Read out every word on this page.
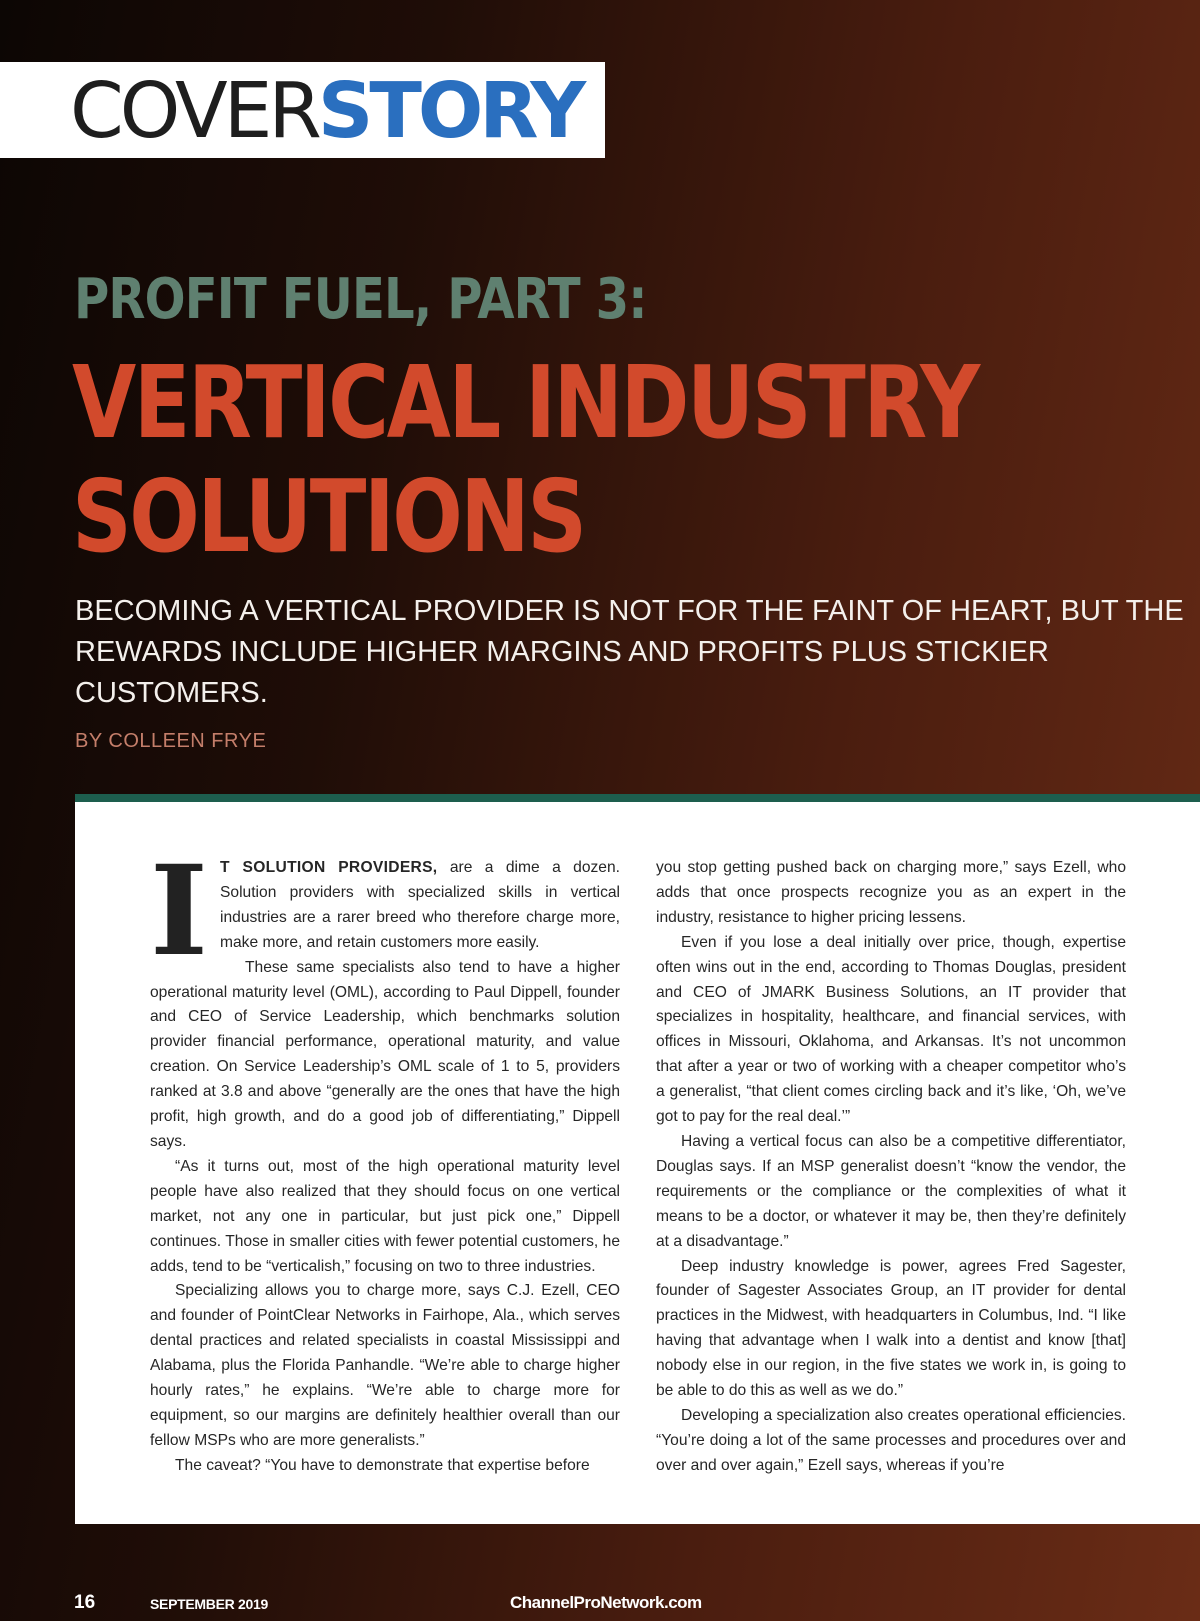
COVERSTORY
PROFIT FUEL, PART 3:
VERTICAL INDUSTRY
SOLUTIONS
BECOMING A VERTICAL PROVIDER IS NOT FOR THE FAINT OF HEART, BUT THE REWARDS INCLUDE HIGHER MARGINS AND PROFITS PLUS STICKIER CUSTOMERS.
BY COLLEEN FRYE

I T SOLUTION PROVIDERS, are a dime a dozen. Solution providers with specialized skills in vertical industries are a rarer breed who therefore charge more, make more, and retain customers more easily.

These same specialists also tend to have a higher operational maturity level (OML), according to Paul Dippell, founder and CEO of Service Leadership, which benchmarks solution provider financial performance, operational maturity, and value creation. On Service Leadership’s OML scale of 1 to 5, providers ranked at 3.8 and above “generally are the ones that have the high profit, high growth, and do a good job of differentiating,” Dippell says.

“As it turns out, most of the high operational maturity level people have also realized that they should focus on one vertical market, not any one in particular, but just pick one,” Dippell continues. Those in smaller cities with fewer potential customers, he adds, tend to be “verticalish,” focusing on two to three industries.

Specializing allows you to charge more, says C.J. Ezell, CEO and founder of PointClear Networks in Fairhope, Ala., which serves dental practices and related specialists in coastal Mississippi and Alabama, plus the Florida Panhandle. “We’re able to charge higher hourly rates,” he explains. “We’re able to charge more for equipment, so our margins are definitely healthier overall than our fellow MSPs who are more generalists.”

The caveat? “You have to demonstrate that expertise before

you stop getting pushed back on charging more,” says Ezell, who adds that once prospects recognize you as an expert in the industry, resistance to higher pricing lessens.

Even if you lose a deal initially over price, though, expertise often wins out in the end, according to Thomas Douglas, president and CEO of JMARK Business Solutions, an IT provider that specializes in hospitality, healthcare, and financial services, with offices in Missouri, Oklahoma, and Arkansas. It’s not uncommon that after a year or two of working with a cheaper competitor who’s a generalist, “that client comes circling back and it’s like, ‘Oh, we’ve got to pay for the real deal.’”

Having a vertical focus can also be a competitive differentiator, Douglas says. If an MSP generalist doesn’t “know the vendor, the requirements or the compliance or the complexities of what it means to be a doctor, or whatever it may be, then they’re definitely at a disadvantage.”

Deep industry knowledge is power, agrees Fred Sagester, founder of Sagester Associates Group, an IT provider for dental practices in the Midwest, with headquarters in Columbus, Ind. “I like having that advantage when I walk into a dentist and know [that] nobody else in our region, in the five states we work in, is going to be able to do this as well as we do.”

Developing a specialization also creates operational efficiencies. “You’re doing a lot of the same processes and procedures over and over and over again,” Ezell says, whereas if you’re

16	SEPTEMBER 2019	ChannelProNetwork.com
